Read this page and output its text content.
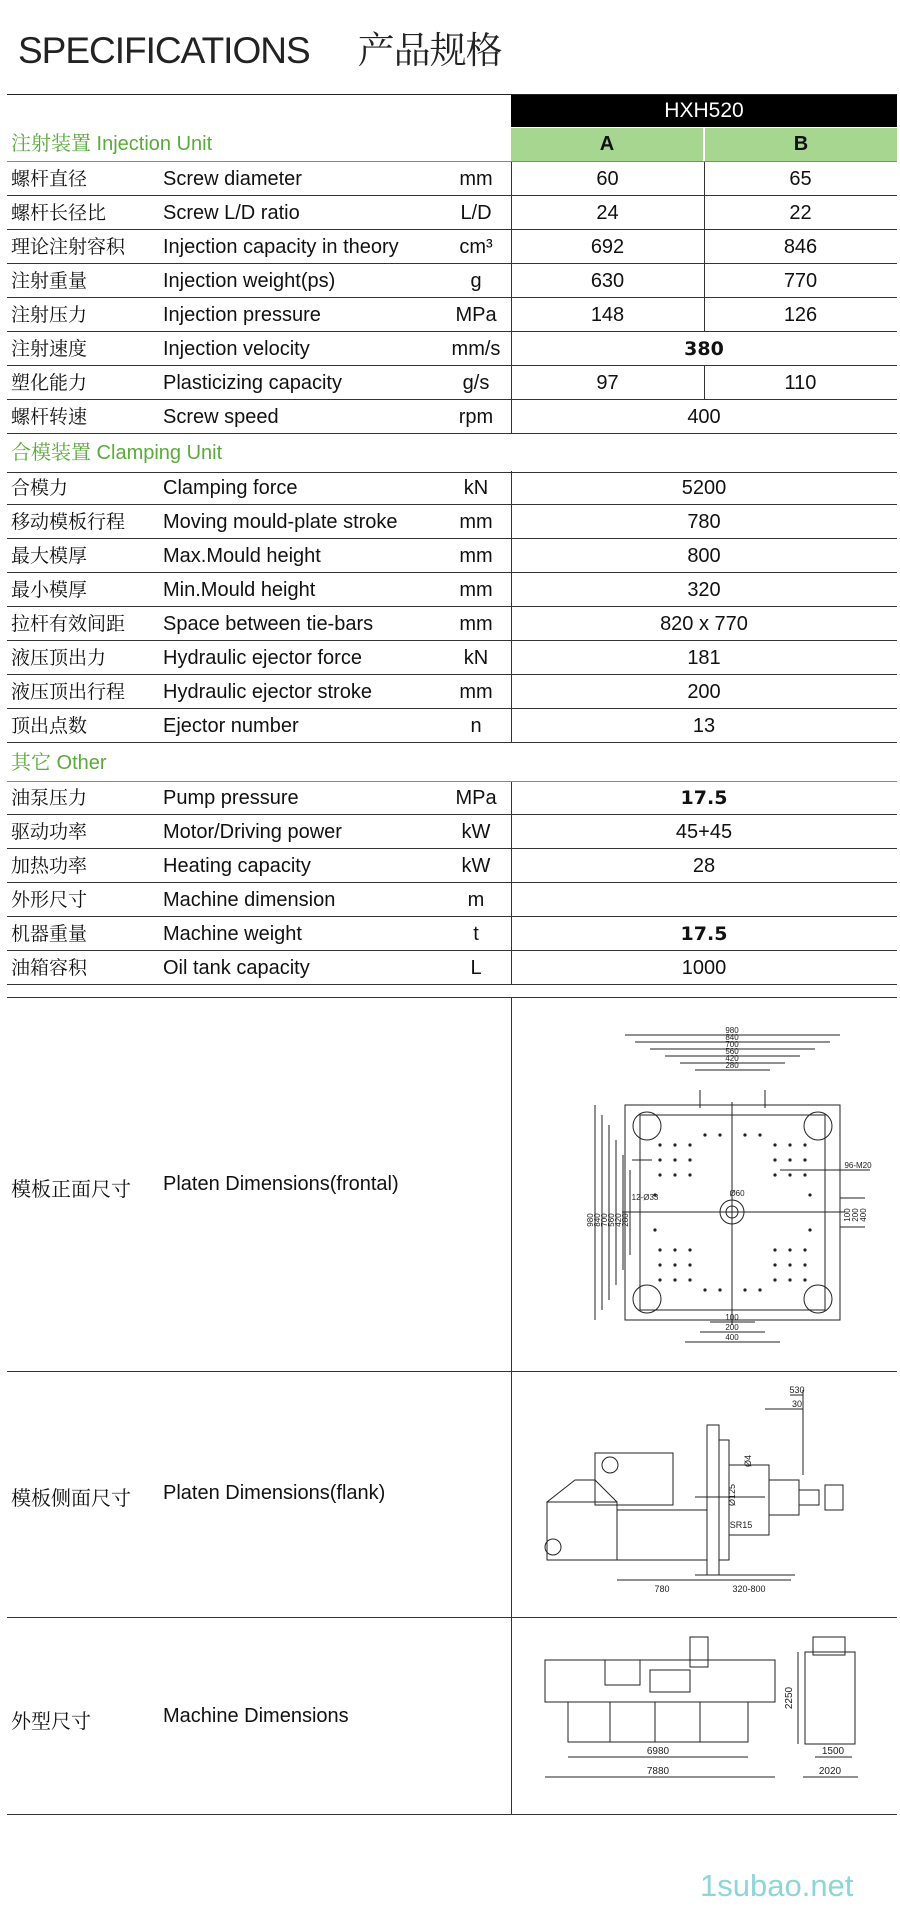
SPECIFICATIONS 产品规格
HXH520
A	B
注射装置 Injection Unit
螺杆直径	Screw diameter	mm	60	65
螺杆长径比	Screw L/D ratio	L/D	24	22
理论注射容积 Injection capacity in theory	cm³	692	846
注射重量	Injection weight(ps)	g	630	770
注射压力	Injection pressure	MPa	148	126
注射速度	Injection velocity	mm/s	380
塑化能力	Plasticizing capacity	g/s	97	110
螺杆转速	Screw speed	rpm	400
合模力	Clamping force	kN	5200
移动模板行程 Moving mould-plate stroke	mm	780
最大模厚	Max.Mould height	mm	800
最小模厚	Min.Mould height	mm	320
拉杆有效间距 Space between tie-bars	mm	820 x 770
液压顶出力	Hydraulic ejector force	kN	181
液压顶出行程 Hydraulic ejector stroke	mm	200
顶出点数	Ejector number	n	13
油泵压力	Pump pressure	MPa	17.5
驱动功率	Motor/Driving power	kW	45+45
加热功率	Heating capacity	kW	28
外形尺寸	Machine dimension	m
机器重量	Machine weight	t	17.5
油箱容积	Oil tank capacity	L	1000
合模装置 Clamping Unit
其它 Other
模板正面尺寸 Platen Dimensions(frontal)
模板侧面尺寸 Platen Dimensions(flank)
外型尺寸	Machine Dimensions
980
840
700
560
420
280
100
200
400
96-M20
12-Ø33	Ø60
980
840
700
560
420
280	100 200 400
530
30
Ø4
Ø125
SR15
780	320-800
6980
7880
2250
1500
2020
1subao.net
